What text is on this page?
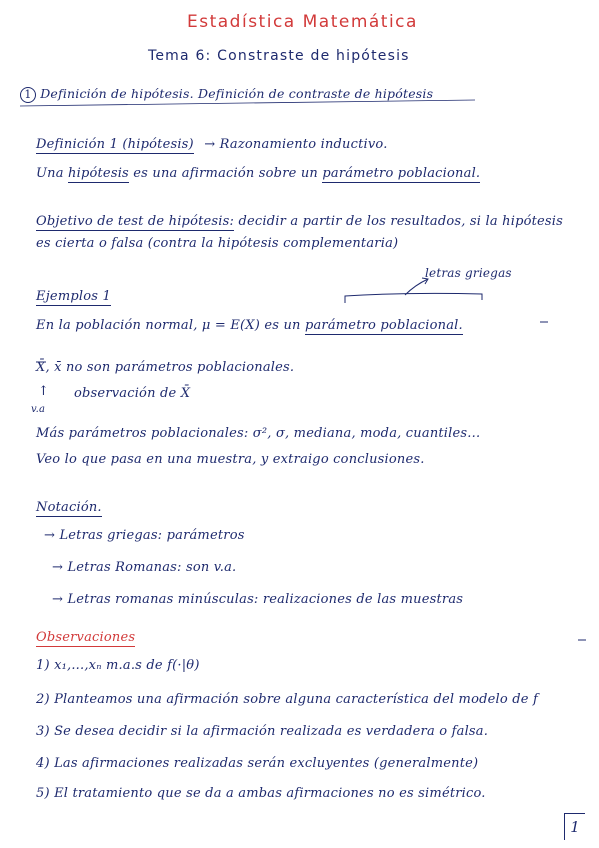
Estadística Matemática
Tema 6: Constraste de hipótesis
1 Definición de hipótesis. Definición de contraste de hipótesis
Definición 1 (hipótesis) → Razonamiento inductivo.
Una hipótesis es una afirmación sobre un parámetro poblacional.
Objetivo de test de hipótesis: decidir a partir de los resultados, si la hipótesis
es cierta o falsa (contra la hipótesis complementaria)
letras griegas
Ejemplos 1
En la población normal, μ = E(X) es un parámetro poblacional.
X̄, x̄ no son parámetros poblacionales.
↑ observación de X̄
v.a
Más parámetros poblacionales: σ², σ, mediana, moda, cuantiles...
Veo lo que pasa en una muestra, y extraigo conclusiones.
Notación.
→ Letras griegas: parámetros
→ Letras Romanas: son v.a.
→ Letras romanas minúsculas: realizaciones de las muestras
Observaciones
1) x₁,...,xₙ m.a.s de f(·|θ)
2) Planteamos una afirmación sobre alguna característica del modelo de f
3) Se desea decidir si la afirmación realizada es verdadera o falsa.
4) Las afirmaciones realizadas serán excluyentes (generalmente)
5) El tratamiento que se da a ambas afirmaciones no es simétrico.
1
